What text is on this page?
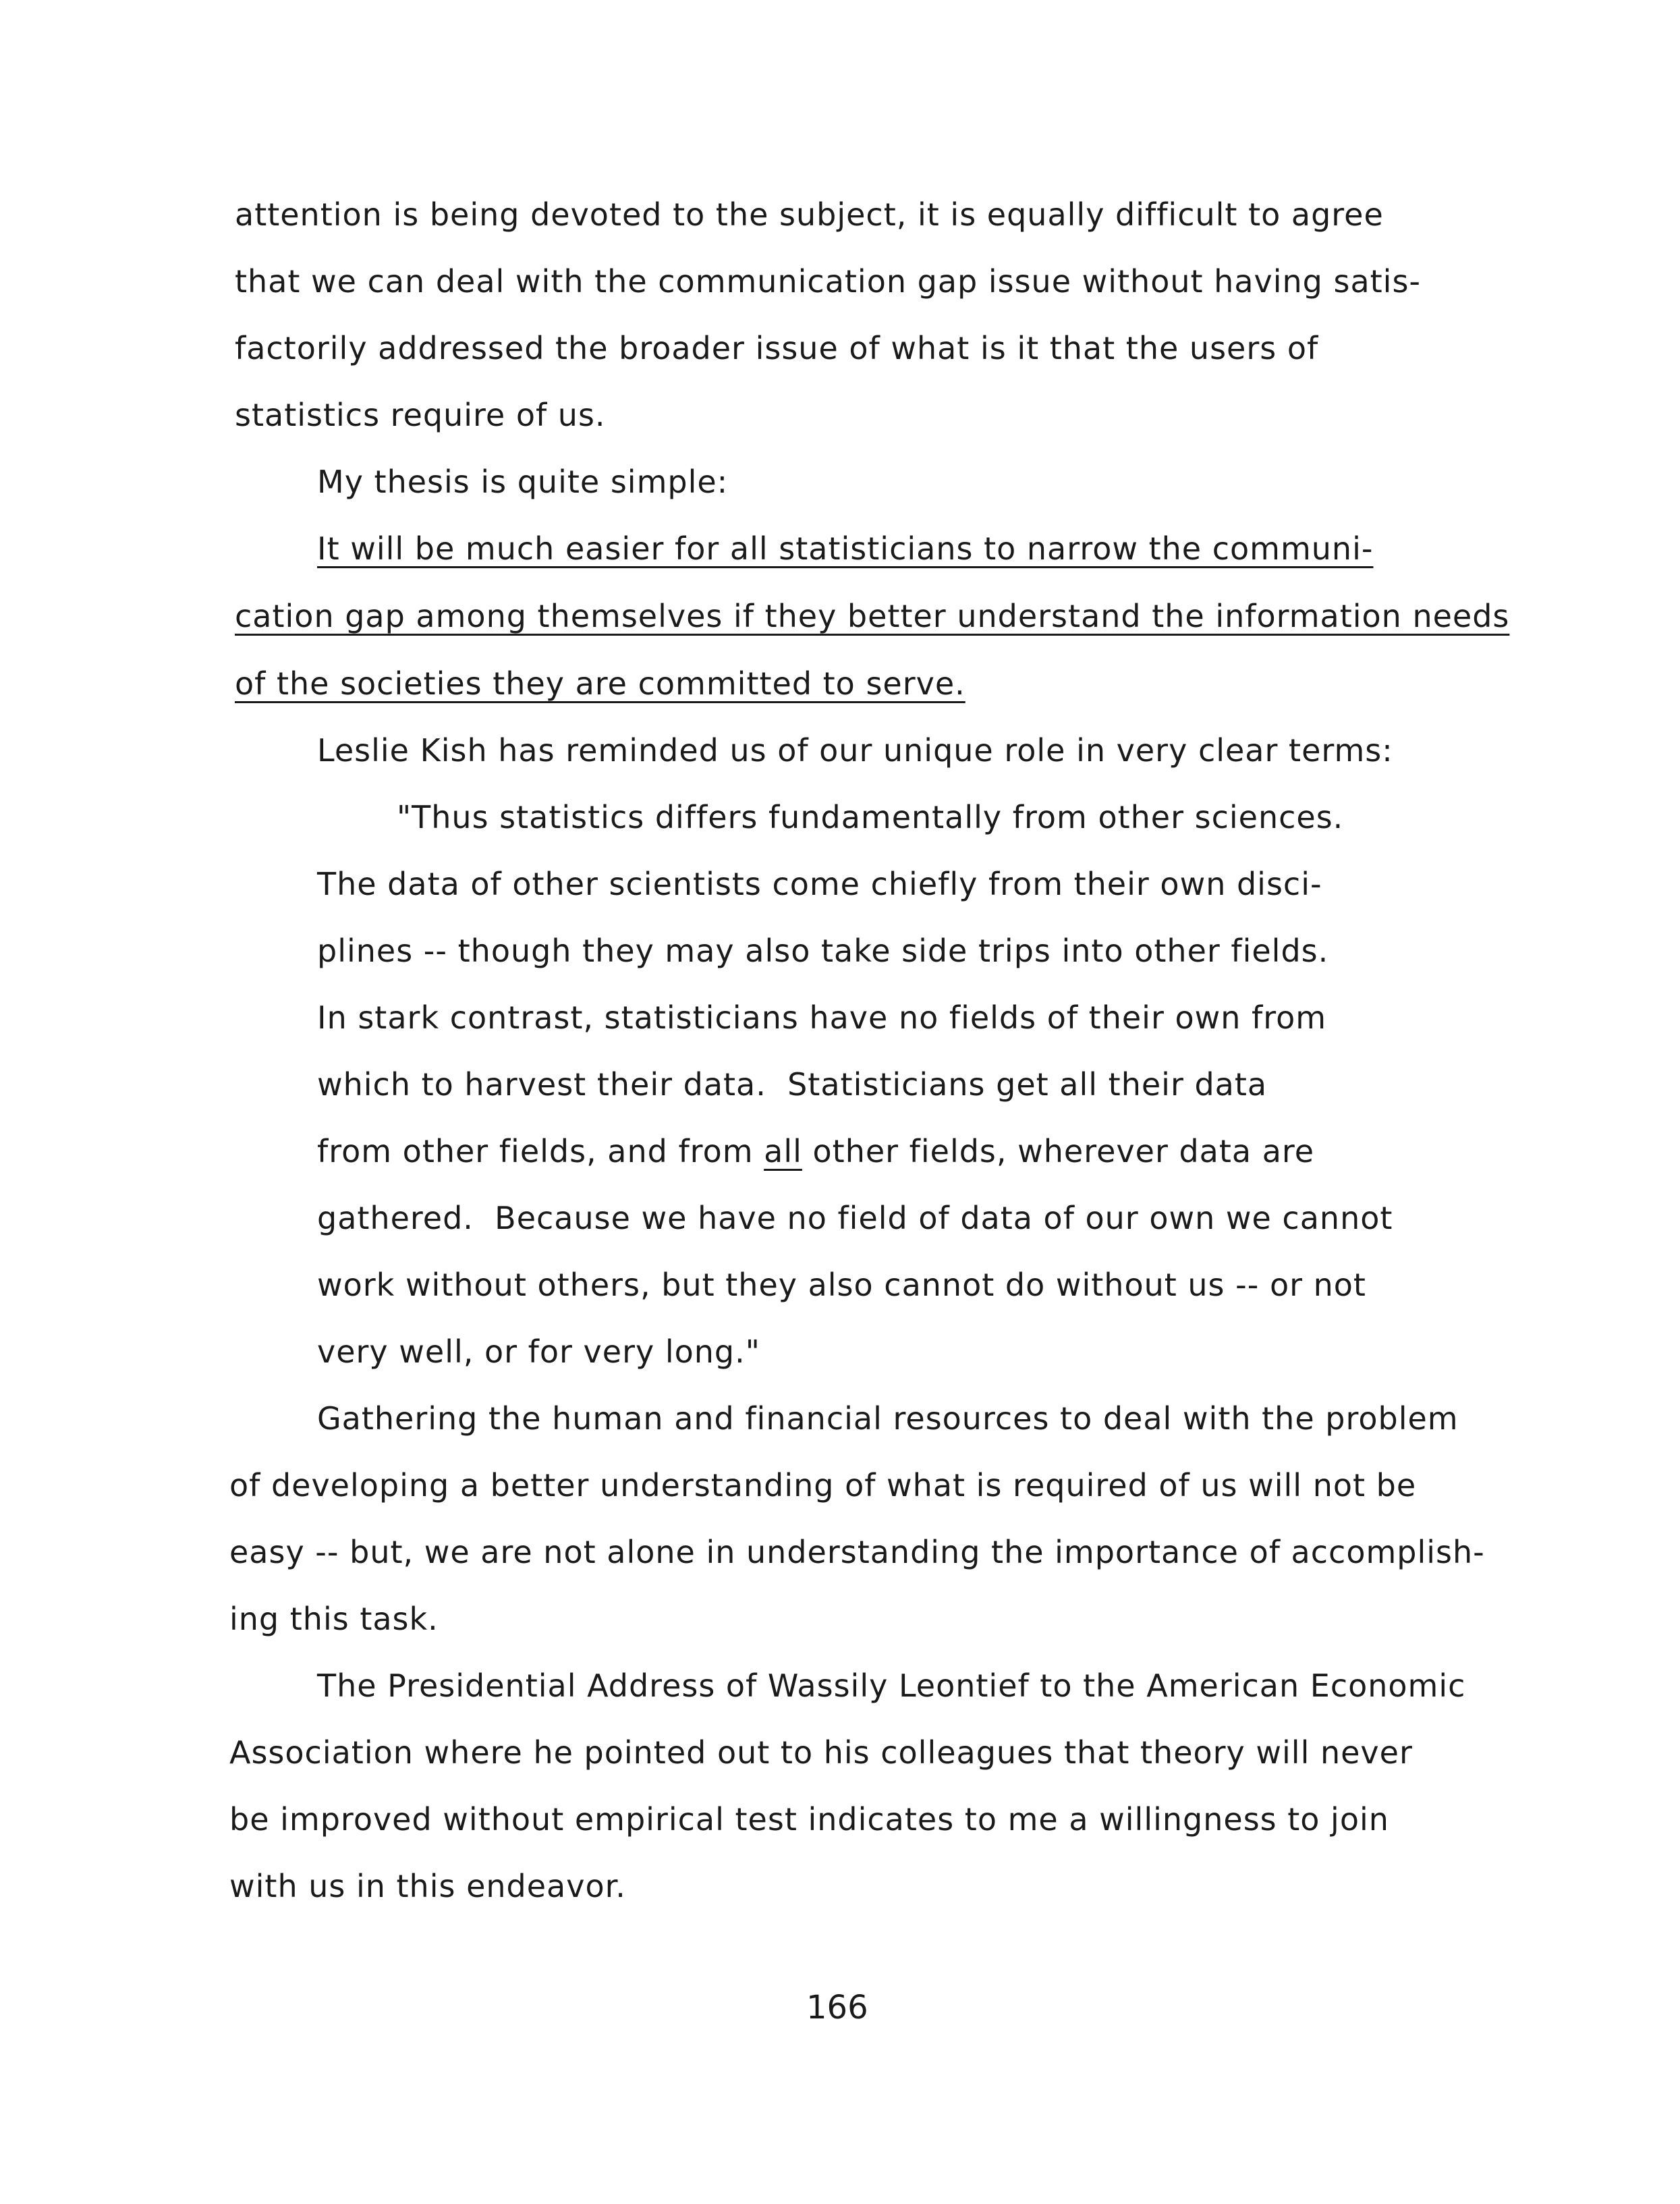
attention is being devoted to the subject, it is equally difficult to agree
that we can deal with the communication gap issue without having satis-
factorily addressed the broader issue of what is it that the users of
statistics require of us.
My thesis is quite simple:
It will be much easier for all statisticians to narrow the communi-
cation gap among themselves if they better understand the information needs
of the societies they are committed to serve.
Leslie Kish has reminded us of our unique role in very clear terms:
"Thus statistics differs fundamentally from other sciences.
The data of other scientists come chiefly from their own disci-
plines -- though they may also take side trips into other fields.
In stark contrast, statisticians have no fields of their own from
which to harvest their data.  Statisticians get all their data
from other fields, and from all other fields, wherever data are
gathered.  Because we have no field of data of our own we cannot
work without others, but they also cannot do without us -- or not
very well, or for very long."
Gathering the human and financial resources to deal with the problem
of developing a better understanding of what is required of us will not be
easy -- but, we are not alone in understanding the importance of accomplish-
ing this task.
The Presidential Address of Wassily Leontief to the American Economic
Association where he pointed out to his colleagues that theory will never
be improved without empirical test indicates to me a willingness to join
with us in this endeavor.
166
